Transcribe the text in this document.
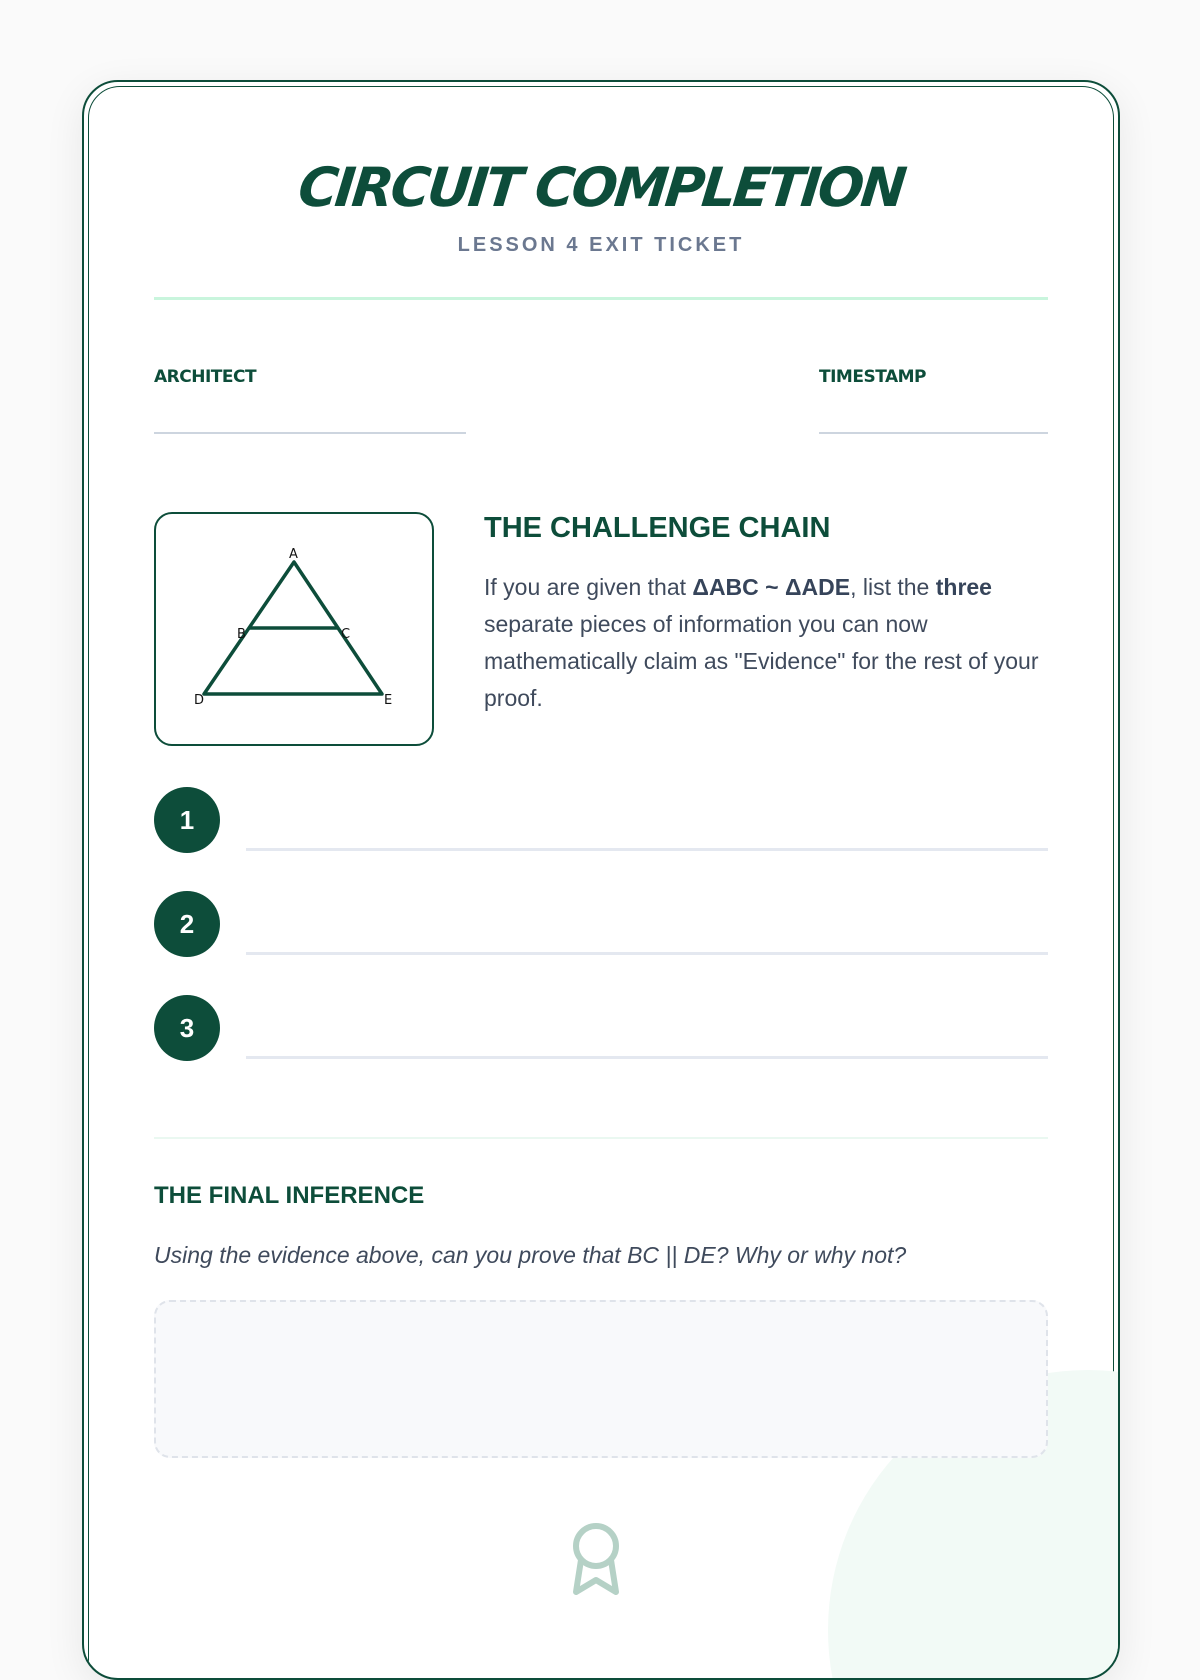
CIRCUIT COMPLETION
LESSON 4 EXIT TICKET
ARCHITECT	TIMESTAMP
A
B	C
D	E
THE CHALLENGE CHAIN
If you are given that ΔABC ~ ΔADE, list the three separate pieces of information you can now mathematically claim as "Evidence" for the rest of your proof.
1
2
3
THE FINAL INFERENCE
Using the evidence above, can you prove that BC || DE? Why or why not?
